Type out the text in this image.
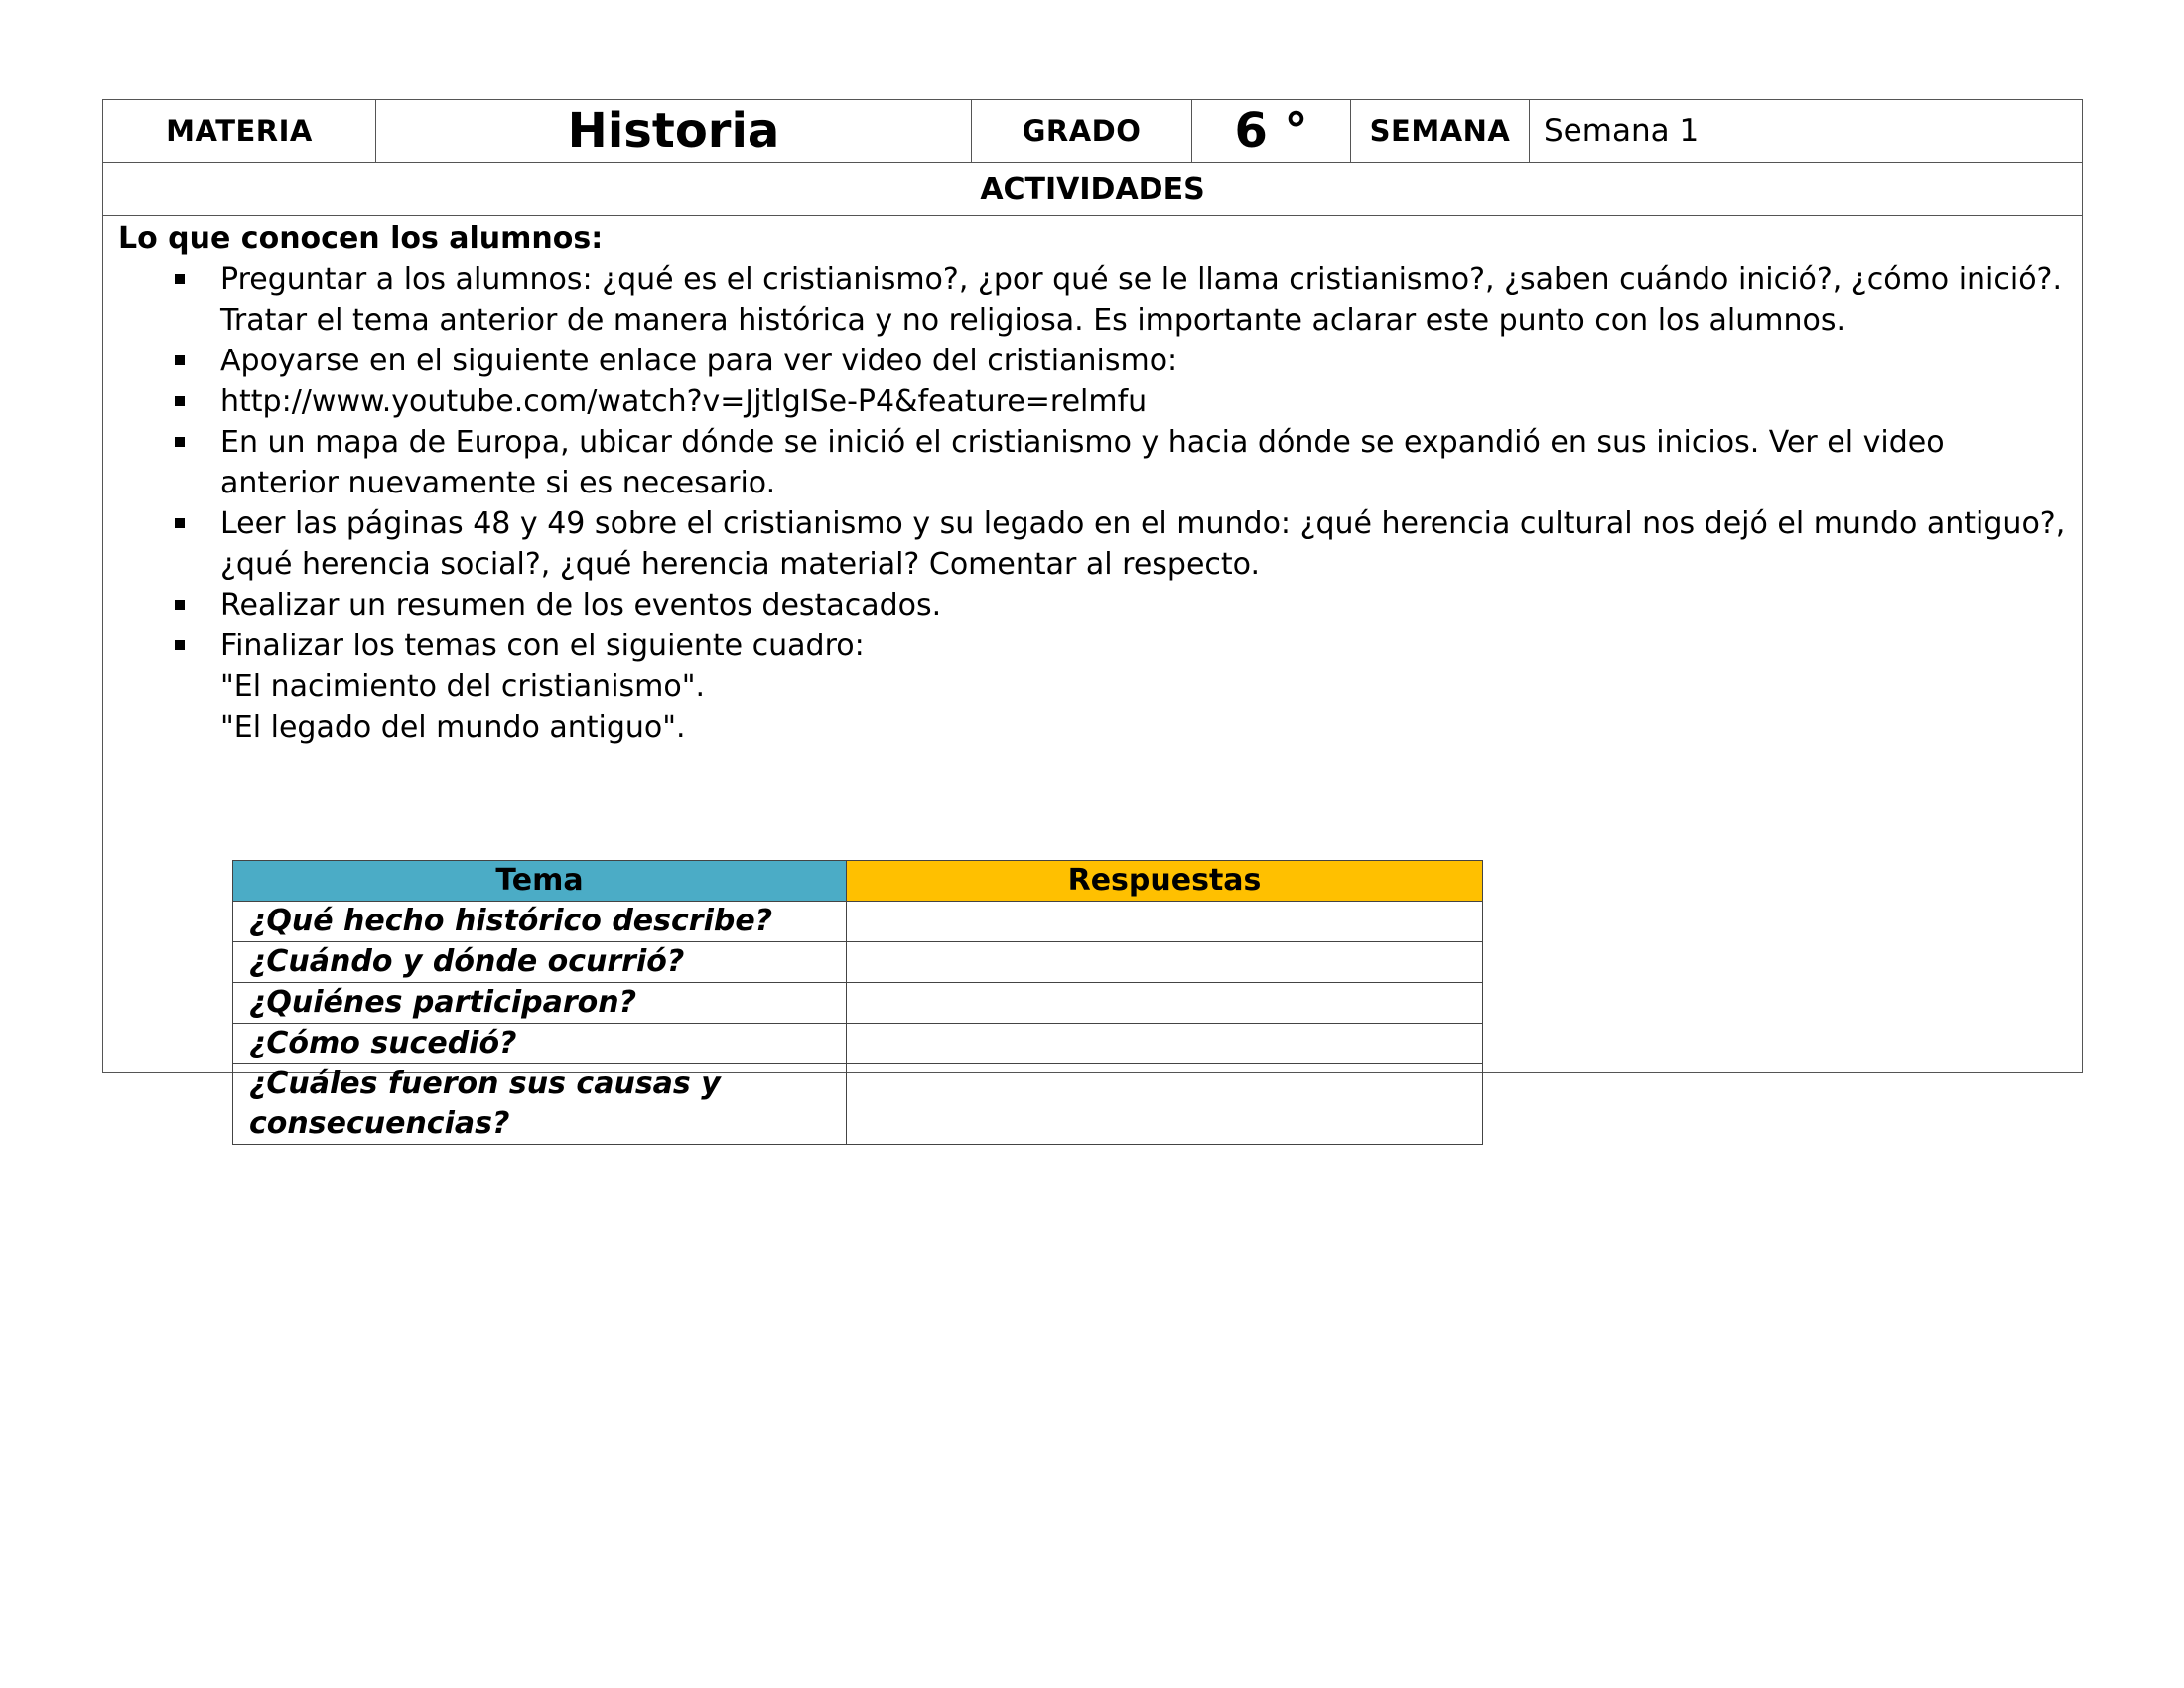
MATERIA	Historia	GRADO 6 ° SEMANA Semana 1
ACTIVIDADES
Lo que conocen los alumnos:
Preguntar a los alumnos: ¿qué es el cristianismo?, ¿por qué se le llama cristianismo?, ¿saben cuándo inició?, ¿cómo inició?. Tratar el tema anterior de manera histórica y no religiosa. Es importante aclarar este punto con los alumnos.
Apoyarse en el siguiente enlace para ver video del cristianismo:
http://www.youtube.com/watch?v=JjtlgISe-P4&feature=relmfu
En un mapa de Europa, ubicar dónde se inició el cristianismo y hacia dónde se expandió en sus inicios. Ver el video anterior nuevamente si es necesario.
Leer las páginas 48 y 49 sobre el cristianismo y su legado en el mundo: ¿qué herencia cultural nos dejó el mundo antiguo?, ¿qué herencia social?, ¿qué herencia material? Comentar al respecto.
Realizar un resumen de los eventos destacados.
Finalizar los temas con el siguiente cuadro:
"El nacimiento del cristianismo".
"El legado del mundo antiguo".
Tema	Respuestas
¿Qué hecho histórico describe?	
¿Cuándo y dónde ocurrió?	
¿Quiénes participaron?	
¿Cómo sucedió?	
¿Cuáles fueron sus causas y consecuencias?	
